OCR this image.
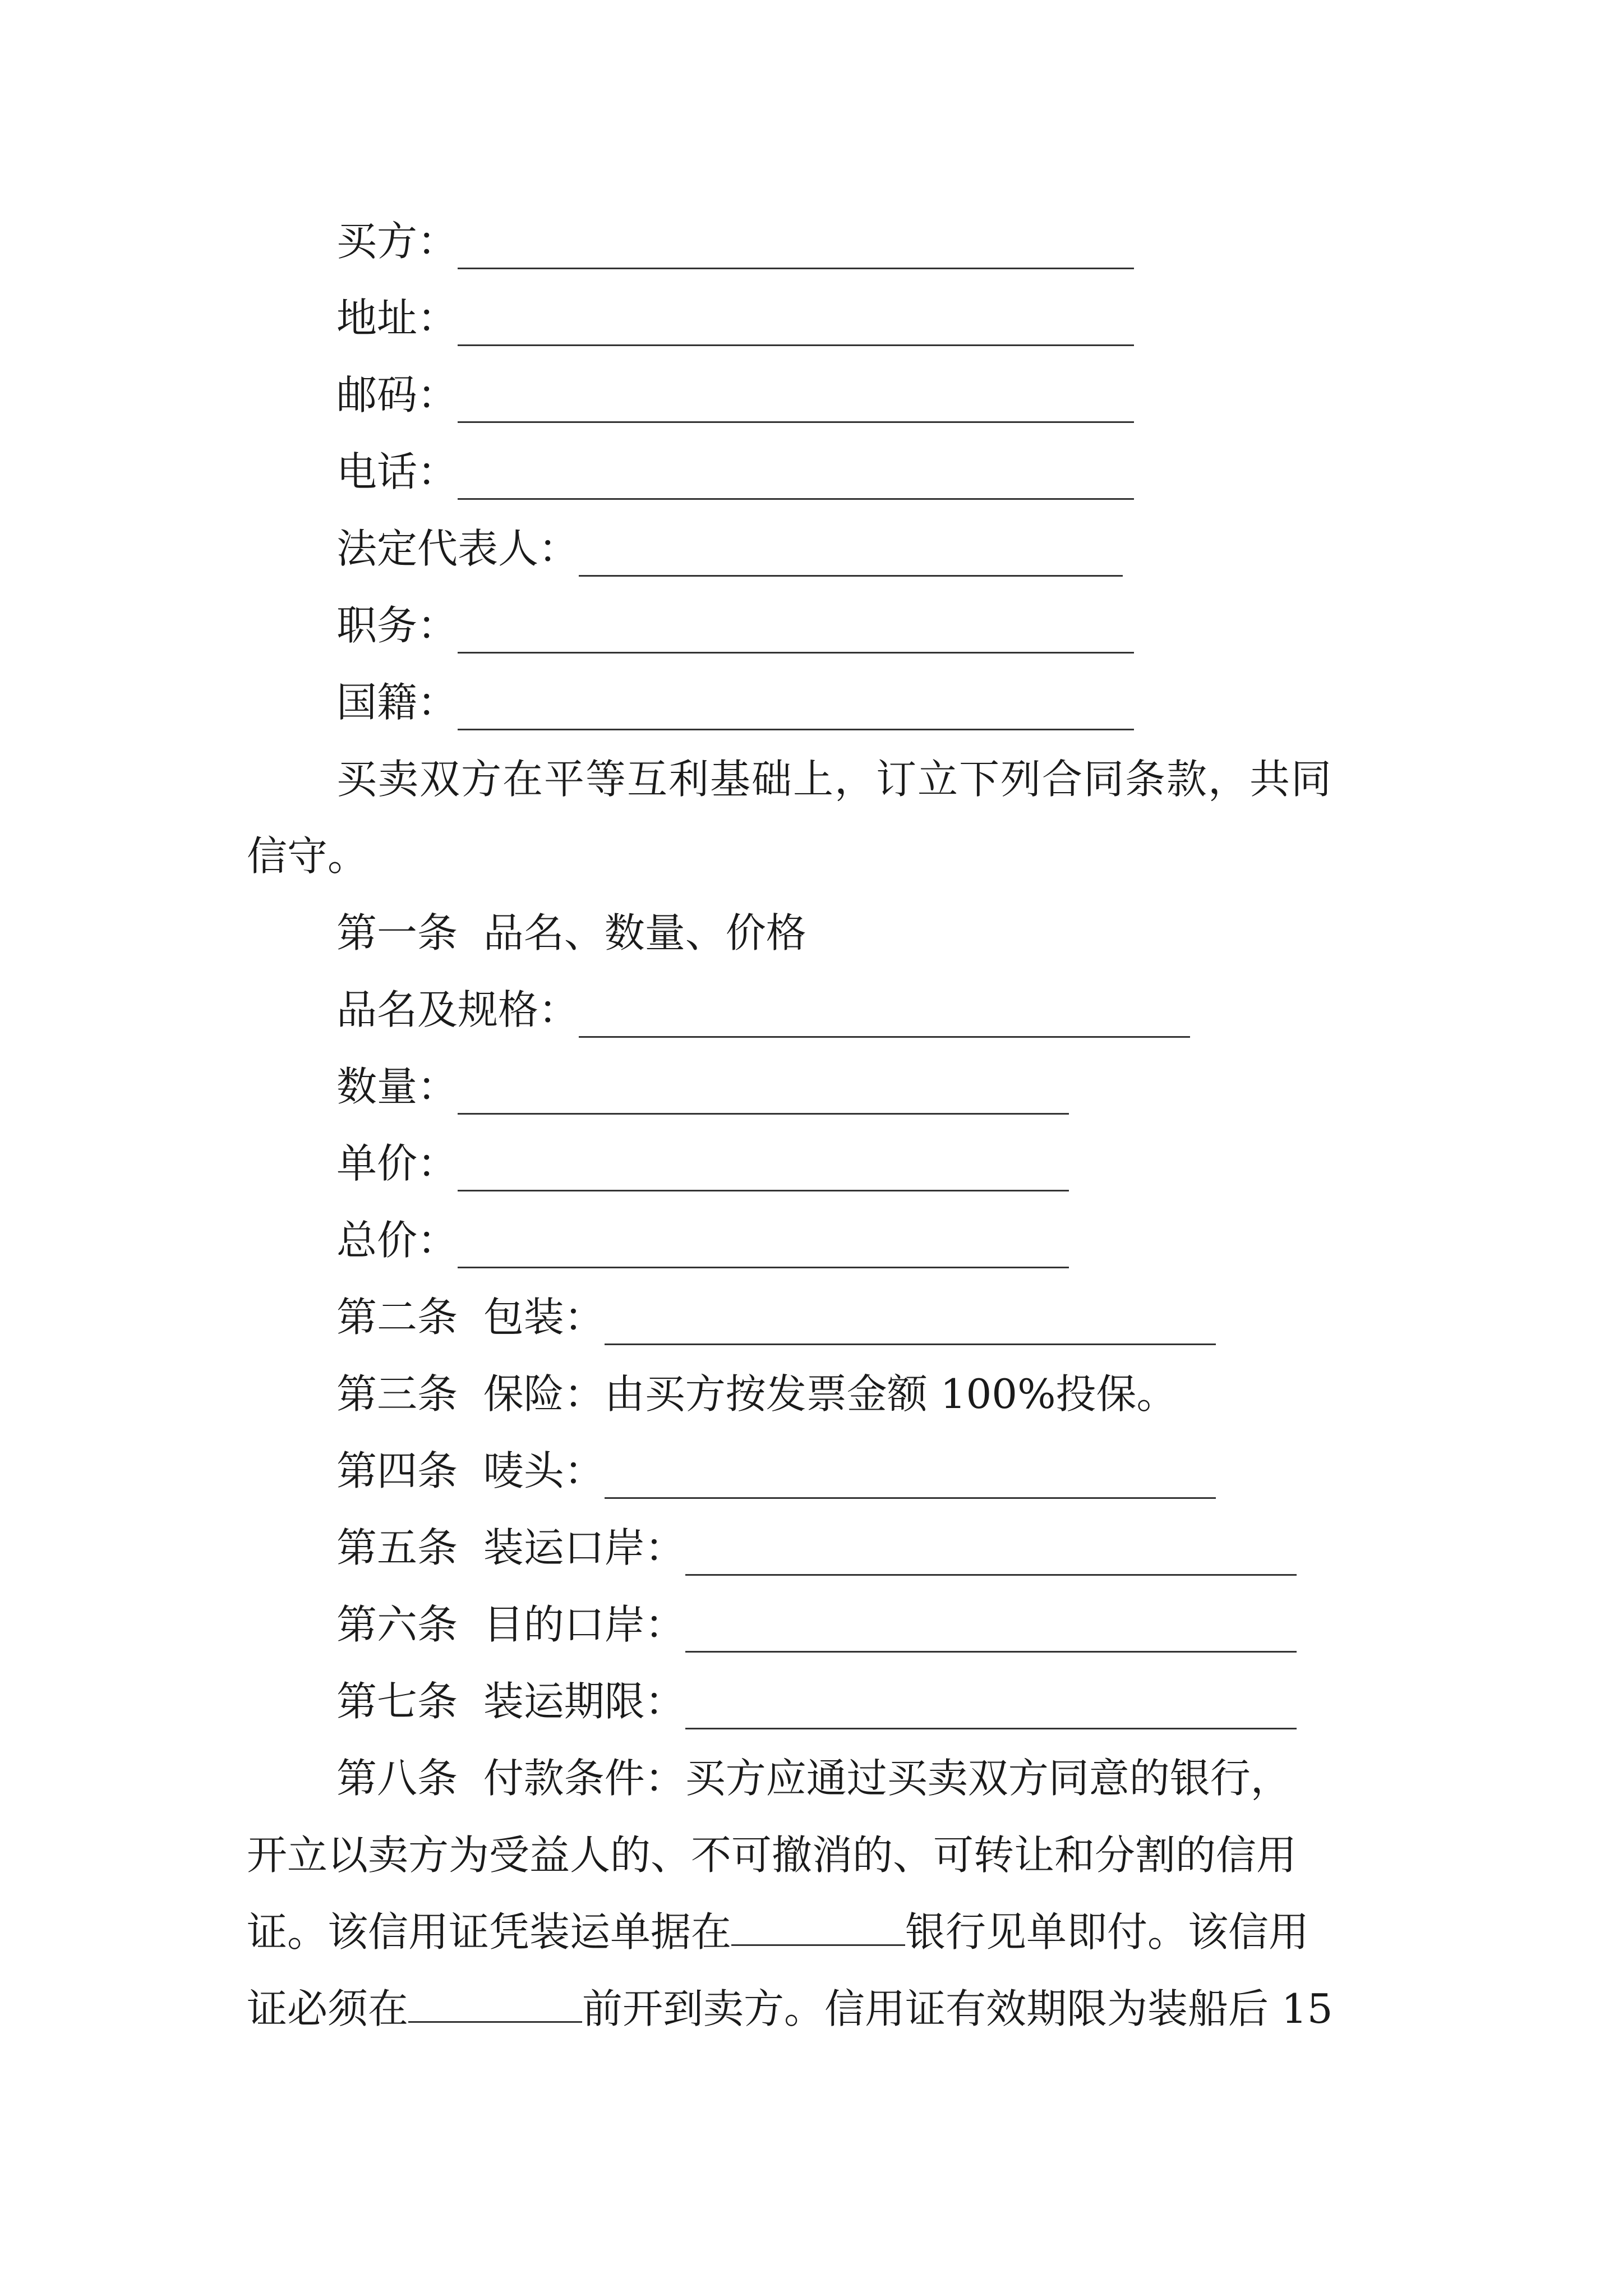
买方：
地址：
邮码：
电话：
法定代表人：
职务：
国籍：
买卖双方在平等互利基础上，订立下列合同条款，共同
信守。
第一条  品名、数量、价格
品名及规格：
数量：
单价：
总价：
第二条  包装：
第三条  保险：由买方按发票金额 100%投保。
第四条  唛头：
第五条  装运口岸：
第六条  目的口岸：
第七条  装运期限：
第八条  付款条件：买方应通过买卖双方同意的银行，
开立以卖方为受益人的、不可撤消的、可转让和分割的信用
证。该信用证凭装运单据在	银行见单即付。该信用
证必须在	前开到卖方。信用证有效期限为装船后 15
